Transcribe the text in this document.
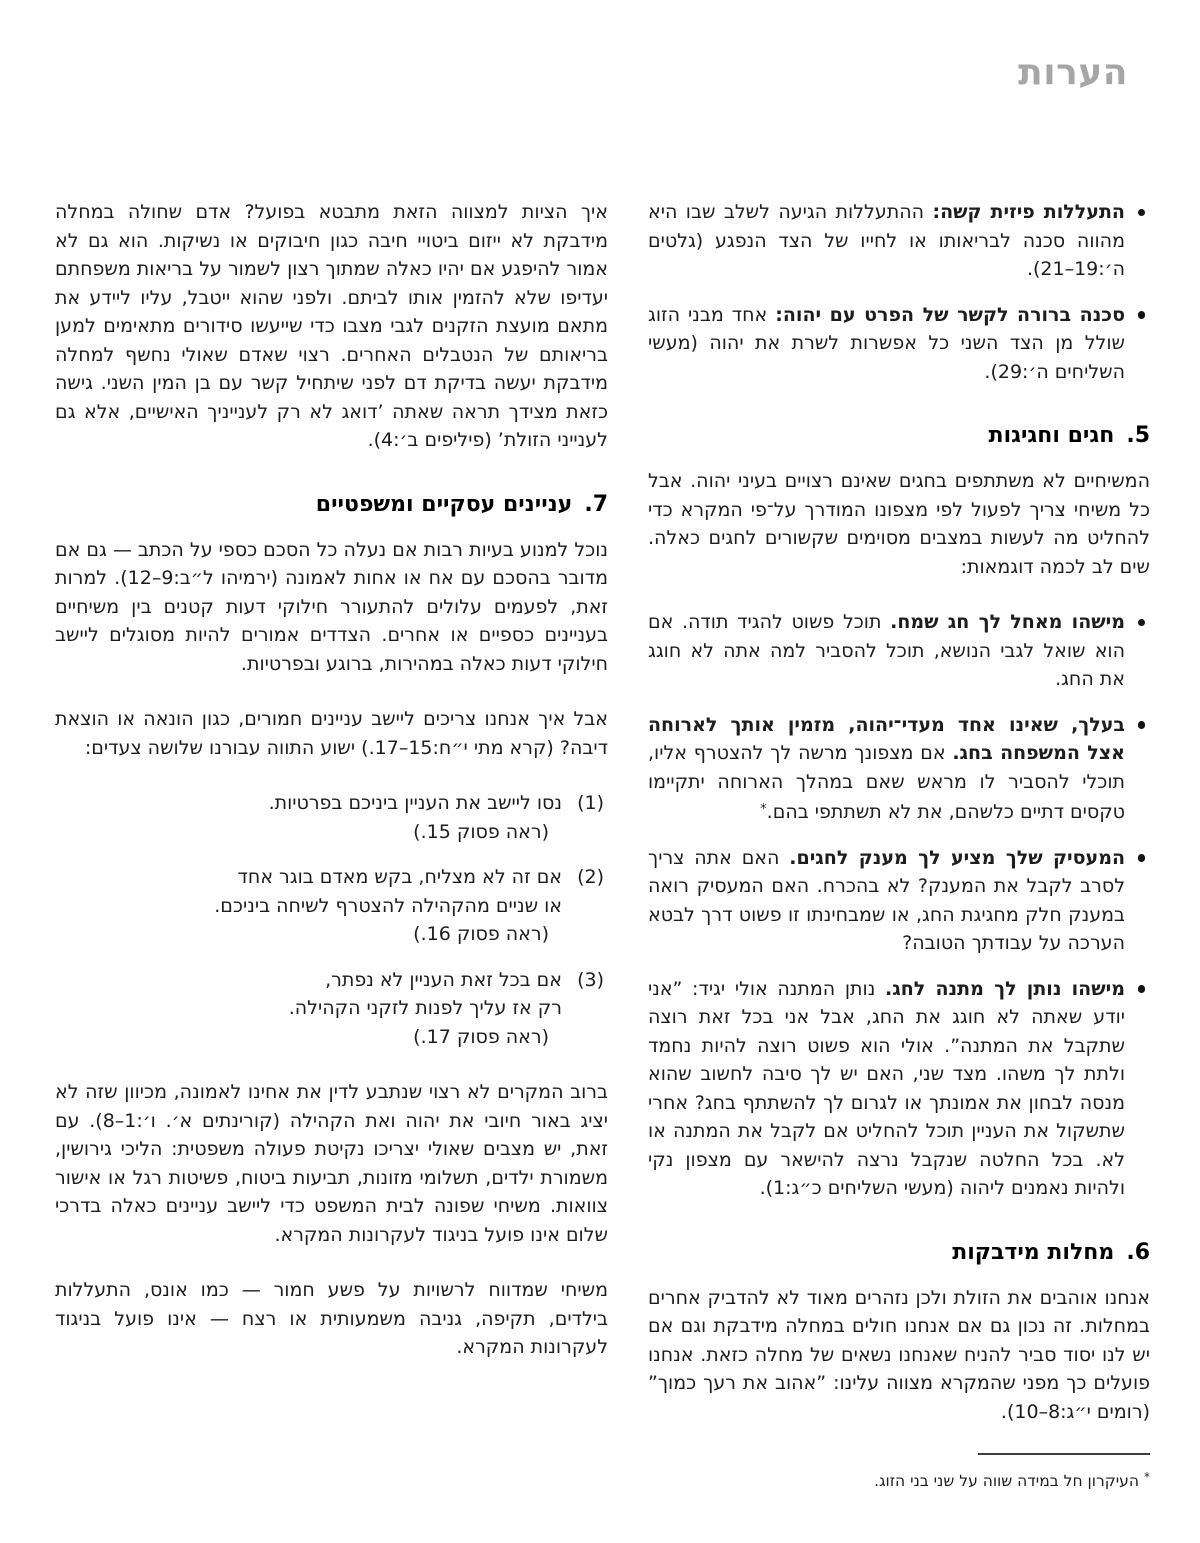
הערות
התעללות פיזית קשה: ההתעללות הגיעה לשלב שבו היא מהווה סכנה לבריאותו או לחייו של הצד הנפגע (גלטים ה׳:19–21).
סכנה ברורה לקשר של הפרט עם יהוה: אחד מבני הזוג שולל מן הצד השני כל אפשרות לשרת את יהוה (מעשי השליחים ה׳:29).
5.חגים וחגיגות

המשיחיים לא משתתפים בחגים שאינם רצויים בעיני יהוה. אבל כל משיחי צריך לפעול לפי מצפונו המודרך על־פי המקרא כדי להחליט מה לעשות במצבים מסוימים שקשורים לחגים כאלה. שים לב לכמה דוגמאות:

מישהו מאחל לך חג שמח. תוכל פשוט להגיד תודה. אם הוא שואל לגבי הנושא, תוכל להסביר למה אתה לא חוגג את החג.
בעלך, שאינו אחד מעדי־יהוה, מזמין אותך לארוחה אצל המשפחה בחג. אם מצפונך מרשה לך להצטרף אליו, תוכלי להסביר לו מראש שאם במהלך הארוחה יתקיימו טקסים דתיים כלשהם, את לא תשתתפי בהם.*
המעסיק שלך מציע לך מענק לחגים. האם אתה צריך לסרב לקבל את המענק? לא בהכרח. האם המעסיק רואה במענק חלק מחגיגת החג, או שמבחינתו זו פשוט דרך לבטא הערכה על עבודתך הטובה?
מישהו נותן לך מתנה לחג. נותן המתנה אולי יגיד: ”אני יודע שאתה לא חוגג את החג, אבל אני בכל זאת רוצה שתקבל את המתנה”. אולי הוא פשוט רוצה להיות נחמד ולתת לך משהו. מצד שני, האם יש לך סיבה לחשוב שהוא מנסה לבחון את אמונתך או לגרום לך להשתתף בחג? אחרי שתשקול את העניין תוכל להחליט אם לקבל את המתנה או לא. בכל החלטה שנקבל נרצה להישאר עם מצפון נקי ולהיות נאמנים ליהוה (מעשי השליחים כ״ג:1).
6.מחלות מידבקות

אנחנו אוהבים את הזולת ולכן נזהרים מאוד לא להדביק אחרים במחלות. זה נכון גם אם אנחנו חולים במחלה מידבקת וגם אם יש לנו יסוד סביר להניח שאנחנו נשאים של מחלה כזאת. אנחנו פועלים כך מפני שהמקרא מצווה עלינו: ”אהוב את רעך כמוך” (רומים י״ג:8–10).

*העיקרון חל במידה שווה על שני בני הזוג.

איך הציות למצווה הזאת מתבטא בפועל? אדם שחולה במחלה מידבקת לא ייזום ביטויי חיבה כגון חיבוקים או נשיקות. הוא גם לא אמור להיפגע אם יהיו כאלה שמתוך רצון לשמור על בריאות משפחתם יעדיפו שלא להזמין אותו לביתם. ולפני שהוא ייטבל, עליו ליידע את מתאם מועצת הזקנים לגבי מצבו כדי שייעשו סידורים מתאימים למען בריאותם של הנטבלים האחרים. רצוי שאדם שאולי נחשף למחלה מידבקת יעשה בדיקת דם לפני שיתחיל קשר עם בן המין השני. גישה כזאת מצידך תראה שאתה ’דואג לא רק לענייניך האישיים, אלא גם לענייני הזולת’ (פיליפים ב׳:4).

7.עניינים עסקיים ומשפטיים

נוכל למנוע בעיות רבות אם נעלה כל הסכם כספי על הכתב — גם אם מדובר בהסכם עם אח או אחות לאמונה (ירמיהו ל״ב:9–12). למרות זאת, לפעמים עלולים להתעורר חילוקי דעות קטנים בין משיחיים בעניינים כספיים או אחרים. הצדדים אמורים להיות מסוגלים ליישב חילוקי דעות כאלה במהירות, ברוגע ובפרטיות.

אבל איך אנחנו צריכים ליישב עניינים חמורים, כגון הונאה או הוצאת דיבה? (קרא מתי י״ח:15–17.) ישוע התווה עבורנו שלושה צעדים:

(1)
נסו ליישב את העניין ביניכם בפרטיות.
(ראה פסוק 15.)
(2)
אם זה לא מצליח, בקש מאדם בוגר אחד
או שניים מהקהילה להצטרף לשיחה ביניכם.
(ראה פסוק 16.)
(3)
אם בכל זאת העניין לא נפתר,
רק אז עליך לפנות לזקני הקהילה.
(ראה פסוק 17.)

ברוב המקרים לא רצוי שנתבע לדין את אחינו לאמונה, מכיוון שזה לא יציג באור חיובי את יהוה ואת הקהילה (קורינתים א׳. ו׳:1–8). עם זאת, יש מצבים שאולי יצריכו נקיטת פעולה משפטית: הליכי גירושין, משמורת ילדים, תשלומי מזונות, תביעות ביטוח, פשיטות רגל או אישור צוואות. משיחי שפונה לבית המשפט כדי ליישב עניינים כאלה בדרכי שלום אינו פועל בניגוד לעקרונות המקרא.

משיחי שמדווח לרשויות על פשע חמור — כמו אונס, התעללות בילדים, תקיפה, גניבה משמעותית או רצח — אינו פועל בניגוד לעקרונות המקרא.
